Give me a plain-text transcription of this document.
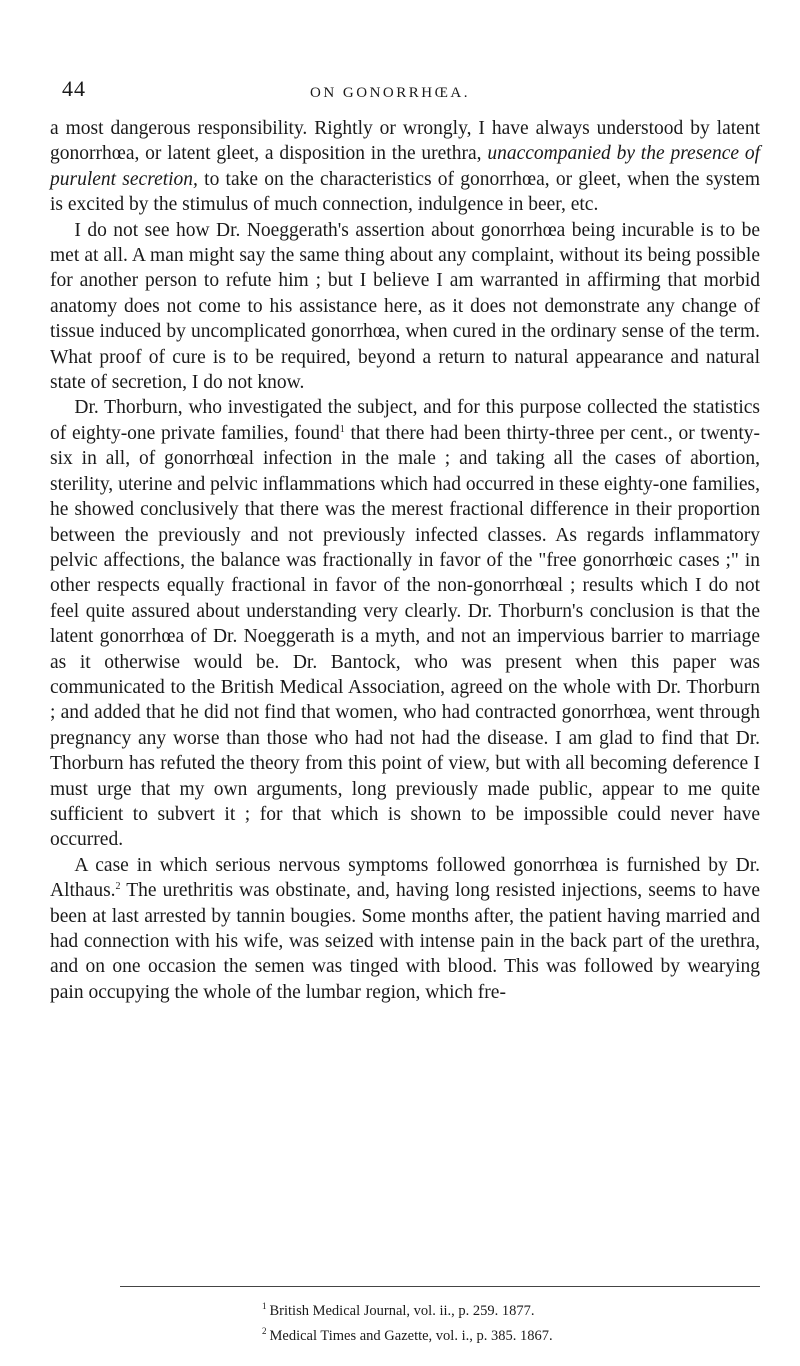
44	ON GONORRHŒA.

a most dangerous responsibility. Rightly or wrongly, I have always understood by latent gonorrhœa, or latent gleet, a disposition in the urethra, unaccompanied by the presence of purulent secretion, to take on the characteristics of gonorrhœa, or gleet, when the system is excited by the stimulus of much connection, indulgence in beer, etc.

I do not see how Dr. Noeggerath's assertion about gonorrhœa being incurable is to be met at all. A man might say the same thing about any complaint, without its being possible for another person to refute him ; but I believe I am warranted in affirming that morbid anatomy does not come to his assistance here, as it does not demonstrate any change of tissue induced by uncomplicated gonorrhœa, when cured in the ordinary sense of the term. What proof of cure is to be required, beyond a return to natural appearance and natural state of secretion, I do not know.

Dr. Thorburn, who investigated the subject, and for this purpose collected the statistics of eighty-one private families, found$^1$ that there had been thirty-three per cent., or twenty-six in all, of gonorrhœal infection in the male ; and taking all the cases of abortion, sterility, uterine and pelvic inflammations which had occurred in these eighty-one families, he showed conclusively that there was the merest fractional difference in their proportion between the previously and not previously infected classes. As regards inflammatory pelvic affections, the balance was fractionally in favor of the "free gonorrhœic cases ;" in other respects equally fractional in favor of the non-gonorrhœal ; results which I do not feel quite assured about understanding very clearly. Dr. Thorburn's conclusion is that the latent gonorrhœa of Dr. Noeggerath is a myth, and not an impervious barrier to marriage as it otherwise would be. Dr. Bantock, who was present when this paper was communicated to the British Medical Association, agreed on the whole with Dr. Thorburn ; and added that he did not find that women, who had contracted gonorrhœa, went through pregnancy any worse than those who had not had the disease. I am glad to find that Dr. Thorburn has refuted the theory from this point of view, but with all becoming deference I must urge that my own arguments, long previously made public, appear to me quite sufficient to subvert it ; for that which is shown to be impossible could never have occurred.

A case in which serious nervous symptoms followed gonorrhœa is furnished by Dr. Althaus.$^2$ The urethritis was obstinate, and, having long resisted injections, seems to have been at last arrested by tannin bougies. Some months after, the patient having married and had connection with his wife, was seized with intense pain in the back part of the urethra, and on one occasion the semen was tinged with blood. This was followed by wearying pain occupying the whole of the lumbar region, which fre-

$^1$ British Medical Journal, vol. ii., p. 259. 1877.
$^2$ Medical Times and Gazette, vol. i., p. 385. 1867.
